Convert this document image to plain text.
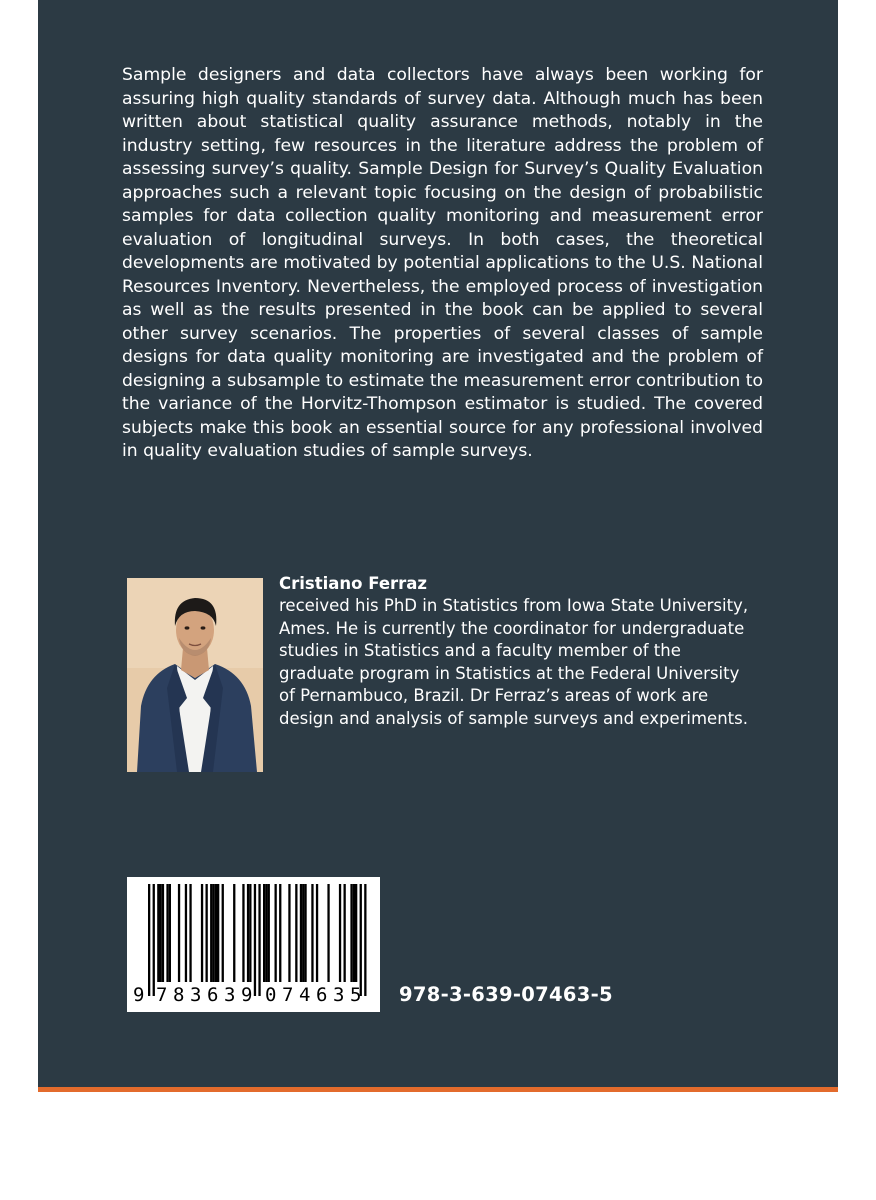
Sample designers and data collectors have always been working for assuring high quality standards of survey data. Although much has been written about statistical quality assurance methods, notably in the industry setting, few resources in the literature address the problem of assessing survey’s quality. Sample Design for Survey’s Quality Evaluation approaches such a relevant topic focusing on the design of probabilistic samples for data collection quality monitoring and measurement error evaluation of longitudinal surveys. In both cases, the theoretical developments are motivated by potential applications to the U.S. National Resources Inventory. Nevertheless, the employed process of investigation as well as the results presented in the book can be applied to several other survey scenarios. The properties of several classes of sample designs for data quality monitoring are investigated and the problem of designing a subsample to estimate the measurement error contribution to the variance of the Horvitz-Thompson estimator is studied. The covered subjects make this book an essential source for any professional involved in quality evaluation studies of sample surveys.

Cristiano Ferraz
received his PhD in Statistics from Iowa State University, Ames. He is currently the coordinator for undergraduate studies in Statistics and a faculty member of the graduate program in Statistics at the Federal University of Pernambuco, Brazil. Dr Ferraz’s areas of work are design and analysis of sample surveys and experiments.
9 7 8 3 6 3 9 0 7 4 6 3 5 978-3-639-07463-5
